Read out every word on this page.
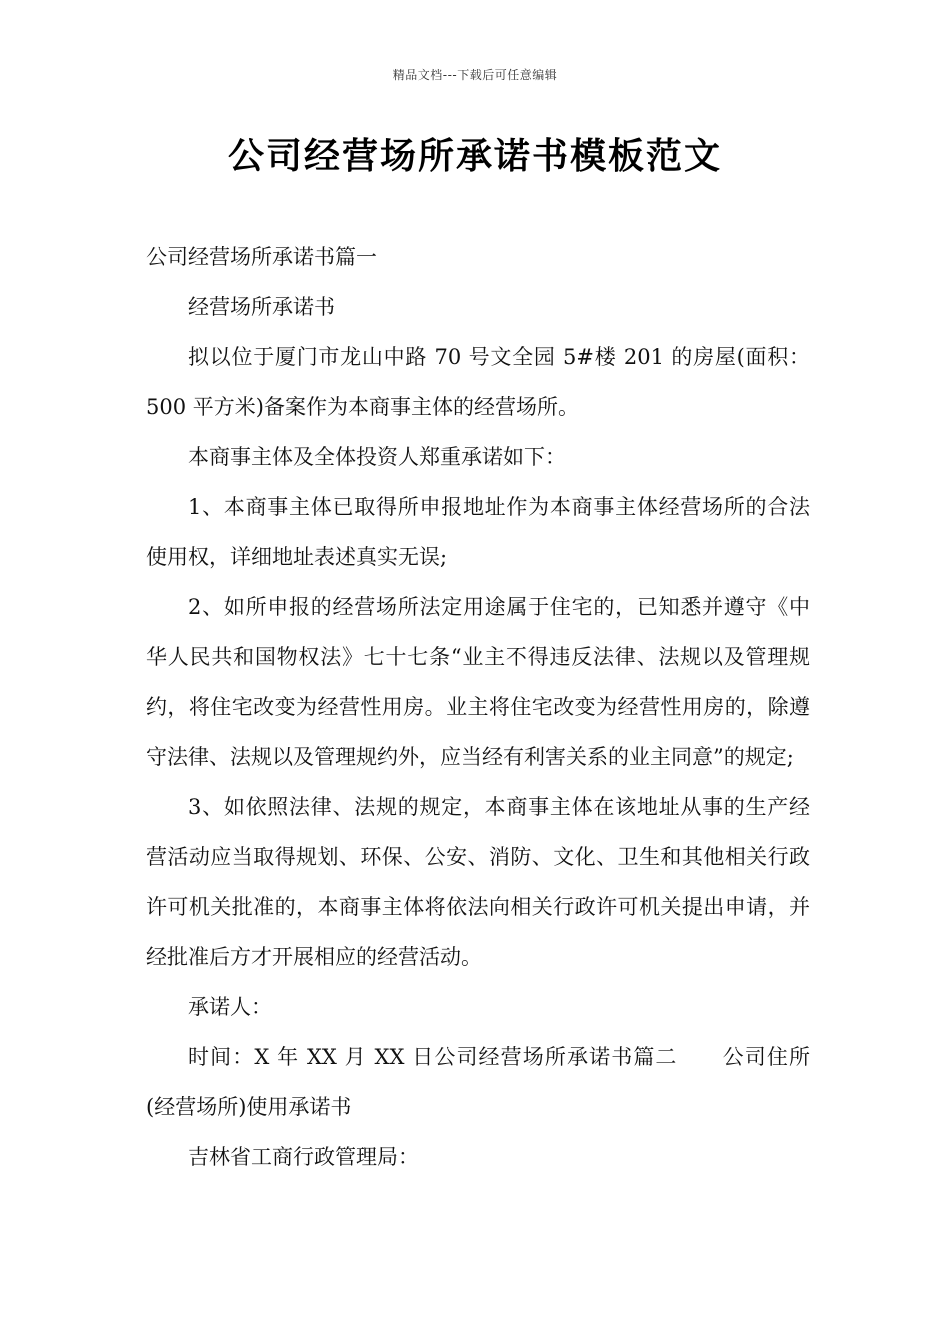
精品文档---下载后可任意编辑
公司经营场所承诺书模板范文

公司经营场所承诺书篇一

经营场所承诺书

拟以位于厦门市龙山中路 70 号文全园 5#楼 201 的房屋(面积：500 平方米)备案作为本商事主体的经营场所。

本商事主体及全体投资人郑重承诺如下：

1、本商事主体已取得所申报地址作为本商事主体经营场所的合法使用权，详细地址表述真实无误;

2、如所申报的经营场所法定用途属于住宅的，已知悉并遵守《中华人民共和国物权法》七十七条“业主不得违反法律、法规以及管理规约，将住宅改变为经营性用房。业主将住宅改变为经营性用房的，除遵守法律、法规以及管理规约外，应当经有利害关系的业主同意”的规定;

3、如依照法律、法规的规定，本商事主体在该地址从事的生产经营活动应当取得规划、环保、公安、消防、文化、卫生和其他相关行政许可机关批准的，本商事主体将依法向相关行政许可机关提出申请，并经批准后方才开展相应的经营活动。

承诺人：

时间：X 年 XX 月 XX 日公司经营场所承诺书篇二 公司住所(经营场所)使用承诺书

吉林省工商行政管理局：
